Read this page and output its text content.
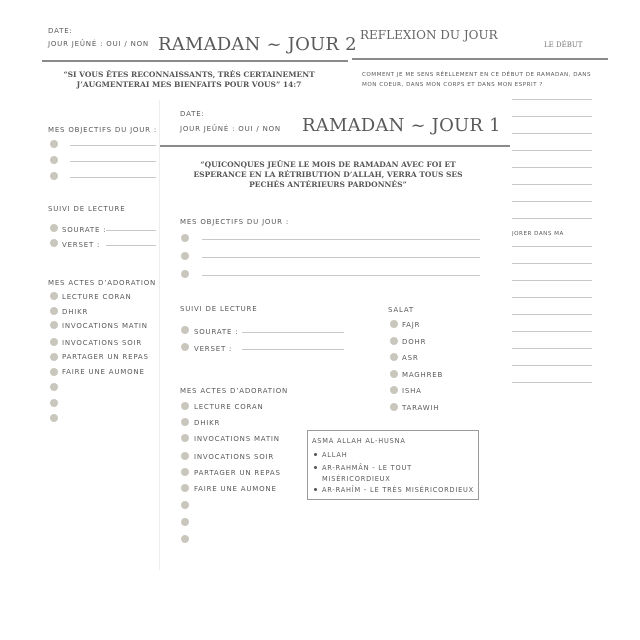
REFLEXION DU JOUR
LE DÉBUT
COMMENT JE ME SENS RÉELLEMENT EN CE DÉBUT DE RAMADAN, DANS MON COEUR, DANS MON CORPS ET DANS MON ESPRIT ?
JORER DANS MA
DATE:
JOUR JEÛNÉ : OUI / NON RAMADAN ~ JOUR 2
“SI VOUS ÊTES RECONNAISSANTS, TRÈS CERTAINEMENT J’AUGMENTERAI MES BIENFAITS POUR VOUS” 14:7
MES OBJECTIFS DU JOUR :
SUIVI DE LECTURE
SOURATE :
VERSET :
MES ACTES D’ADORATION
LECTURE CORAN
DHIKR
INVOCATIONS MATIN
INVOCATIONS SOIR
PARTAGER UN REPAS
FAIRE UNE AUMONE
DATE:
JOUR JEÛNÉ : OUI / NON RAMADAN ~ JOUR 1
“QUICONQUES JEÛNE LE MOIS DE RAMADAN AVEC FOI ET ESPERANCE EN LA RÉTRIBUTION D’ALLAH, VERRA TOUS SES PECHÉS ANTÉRIEURS PARDONNÉS”
MES OBJECTIFS DU JOUR :
SUIVI DE LECTURE
SOURATE :
VERSET :
SALAT
FAJR
DOHR
ASR
MAGHREB
ISHA
TARAWIH
MES ACTES D’ADORATION
LECTURE CORAN
DHIKR
INVOCATIONS MATIN
INVOCATIONS SOIR
PARTAGER UN REPAS
FAIRE UNE AUMONE
ASMA ALLAH AL-HUSNA
ALLAH
AR-RAHMÂN - LE TOUT MISÉRICORDIEUX
AR-RAHÎM - LE TRÈS MISÉRICORDIEUX
